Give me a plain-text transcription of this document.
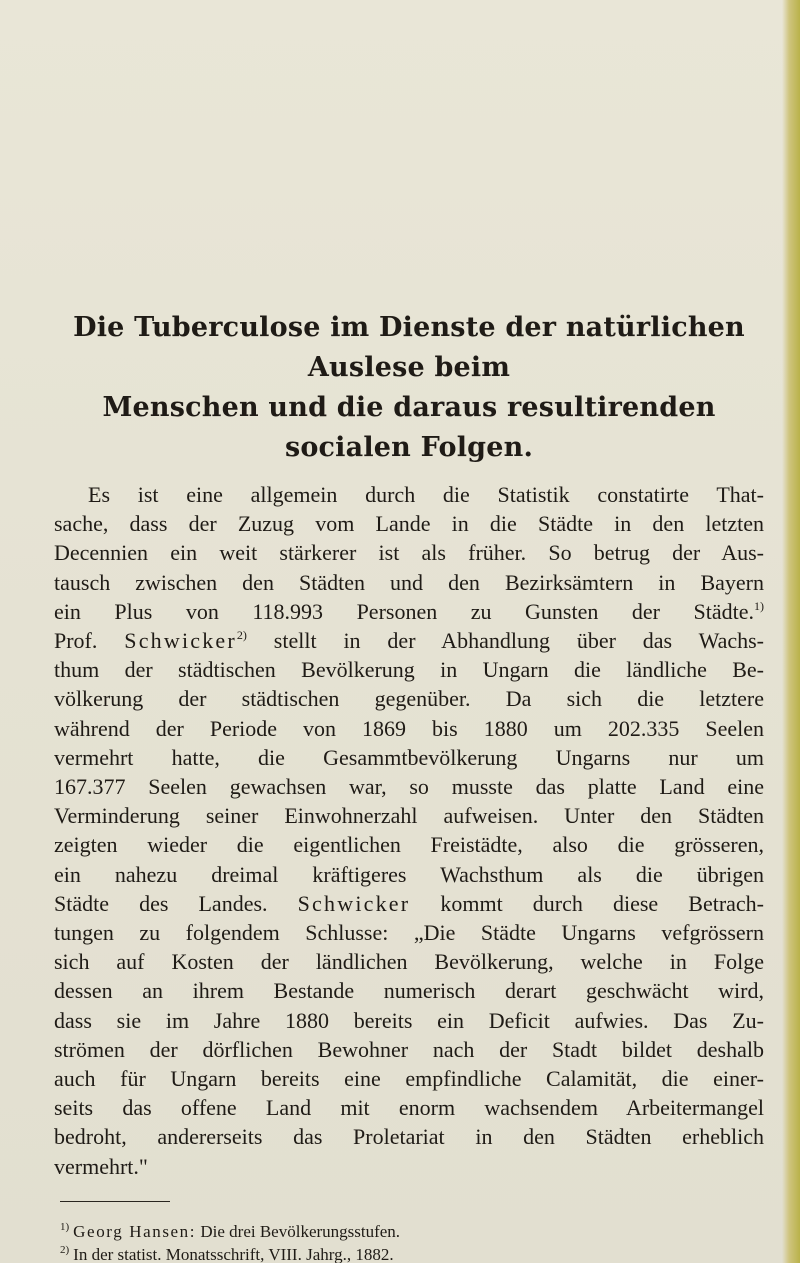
Die Tuberculose im Dienste der natürlichen Auslese beim
Menschen und die daraus resultirenden socialen Folgen.
Es ist eine allgemein durch die Statistik constatirte That-
sache, dass der Zuzug vom Lande in die Städte in den letzten
Decennien ein weit stärkerer ist als früher. So betrug der Aus-
tausch zwischen den Städten und den Bezirksämtern in Bayern
ein Plus von 118.993 Personen zu Gunsten der Städte.$^{1)}$
Prof. Schwicker$^{2)}$ stellt in der Abhandlung über das Wachs-
thum der städtischen Bevölkerung in Ungarn die ländliche Be-
völkerung der städtischen gegenüber. Da sich die letztere
während der Periode von 1869 bis 1880 um 202.335 Seelen
vermehrt hatte, die Gesammtbevölkerung Ungarns nur um
167.377 Seelen gewachsen war, so musste das platte Land eine
Verminderung seiner Einwohnerzahl aufweisen. Unter den Städten
zeigten wieder die eigentlichen Freistädte, also die grösseren,
ein nahezu dreimal kräftigeres Wachsthum als die übrigen
Städte des Landes. Schwicker kommt durch diese Betrach-
tungen zu folgendem Schlusse: „Die Städte Ungarns vefgrössern
sich auf Kosten der ländlichen Bevölkerung, welche in Folge
dessen an ihrem Bestande numerisch derart geschwächt wird,
dass sie im Jahre 1880 bereits ein Deficit aufwies. Das Zu-
strömen der dörflichen Bewohner nach der Stadt bildet deshalb
auch für Ungarn bereits eine empfindliche Calamität, die einer-
seits das offene Land mit enorm wachsendem Arbeitermangel
bedroht, andererseits das Proletariat in den Städten erheblich
vermehrt."
$^{1)}$ Georg Hansen: Die drei Bevölkerungsstufen.
$^{2)}$ In der statist. Monatsschrift, VIII. Jahrg., 1882.
